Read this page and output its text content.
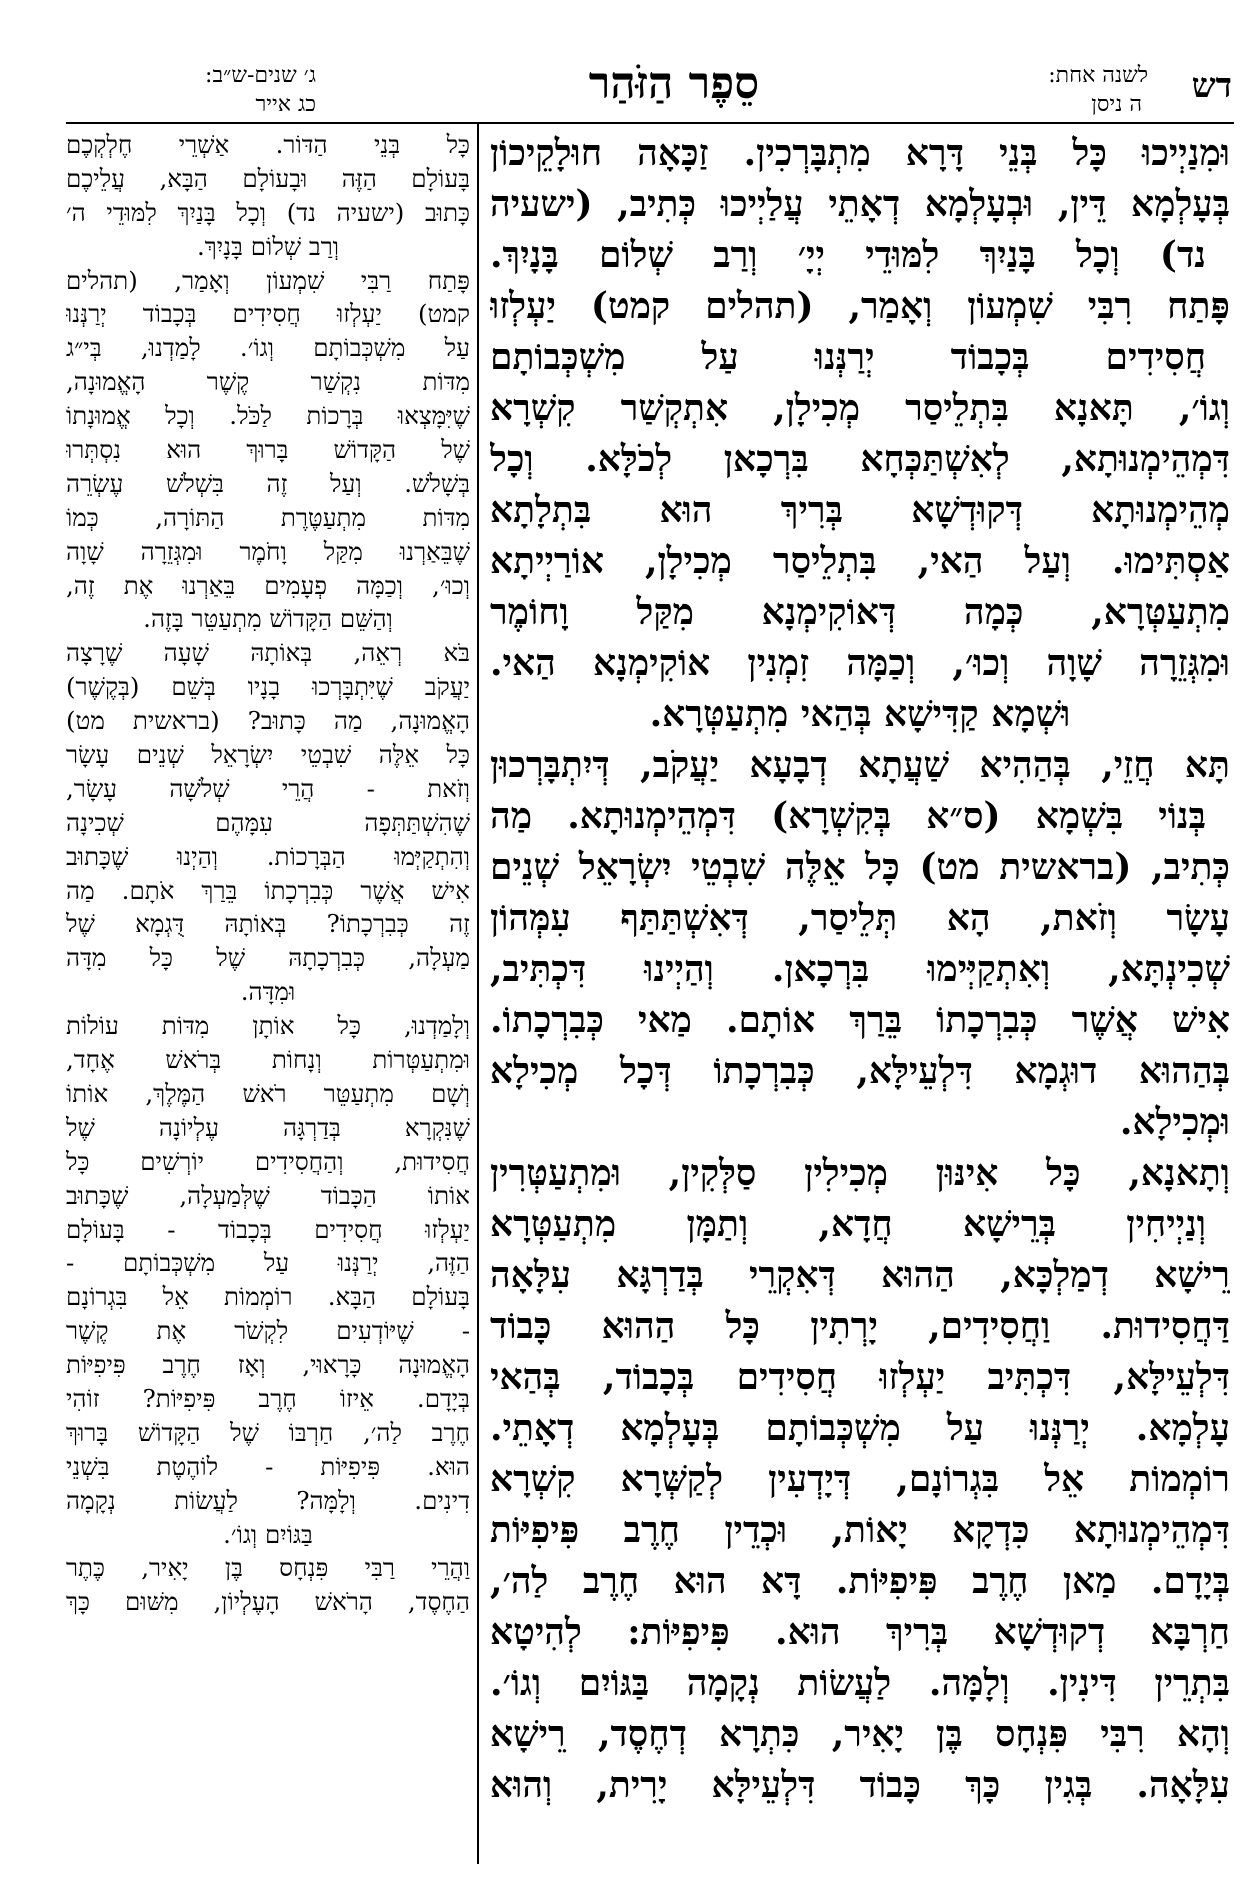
דש
לשנה אחת:
ה ניסן
סֵפֶר הַזֹּהַר
ג׳ שנים-ש״ב:
כג אייר
וּמִנַיְיכוּ כָּל בְּנֵי דָּרָא מִתְבָּרְכִין. זַכָּאָה חוּלָקֵיכוֹן
בְּעָלְמָא דֵּין, וּבְעָלְמָא דְאָתֵי עֲלַיְיכוּ כְּתִיב, (ישעיה
נד) וְכָל בָּנַיִךְ לִמּוּדֵי יְיָ׳ וְרַב שְׁלוֹם בָּנָיִךְ.
פָּתַח רִבִּי שִׁמְעוֹן וְאָמַר, (תהלים קמט) יַעְלְזוּ
חֲסִידִים בְּכָבוֹד יְרַנְּנוּ עַל מִשְׁכְּבוֹתָם
וְגוֹ׳, תָּאנָא בִּתְלֵיסַר מְכִילָן, אִתְקְשַׁר קִשְׁרָא
דִּמְהֵימְנוּתָא, לְאִשְׁתַּכְּחָא בִּרְכָאן לְכֹלָּא. וְכָל
מְהֵימְנוּתָא דְּקוּדְשָׁא בְּרִיךְ הוּא בִּתְלָתָא
אַסְתִּימוּ. וְעַל הַאי, בִּתְלֵיסַר מְכִילָן, אוֹרַיְיתָא
מִתְעַטְּרָא, כְּמָה דְּאוֹקִימְנָא מִקַּל וָחוֹמֶר
וּמִגְּזֵרָה שָׁוָה וְכוּ׳, וְכַמָּה זִמְנִין אוֹקִימְנָא הַאי.
וּשְׁמָא קַדִּישָׁא בְּהַאי מִתְעַטְּרָא.
תָּא חֲזֵי, בְּהַהִיא שַׁעֲתָא דְבָעָא יַעֲקֹב, דְּיִתְבָּרְכוּן
בְּנוֹי בִּשְׁמָא (ס״א בְּקִשְׁרָא) דִּמְהֵימְנוּתָא. מַה
כְּתִיב, (בראשית מט) כָּל אֵלֶּה שִׁבְטֵי יִשְׂרָאֵל שְׁנֵים
עָשָׂר וְזֹאת, הָא תְּלֵיסַר, דְּאִשְׁתַּתַּף עִמְּהוֹן
שְׁכִינְתָּא, וְאִתְקַיְּימוּ בִּרְכָאן. וְהַיְינוּ דִּכְתִּיב,
אִישׁ אֲשֶׁר כְּבִרְכָתוֹ בֵּרַךְ אוֹתָם. מַאי כְּבִרְכָתוֹ.
בְּהַהוּא דוּגְמָא דִּלְעֵילָּא, כְּבִרְכָתוֹ דְּכָל מְכִילָא
וּמְכִילָא.
וְתָאנָא, כָּל אִינּוּן מְכִילִין סַלְּקִין, וּמִתְעַטְּרִין
וְנַיְיחִין בְּרֵישָׁא חֲדָא, וְתַמָּן מִתְעַטְּרָא
רֵישָׁא דְמַלְכָּא, הַהוּא דְּאִקְרֵי בְּדַרְגָּא עִלָּאָה
דַּחֲסִידוּת. וַחֲסִידִים, יָרְתִין כָּל הַהוּא כָּבוֹד
דִּלְעֵילָּא, דִּכְתִּיב יַעְלְזוּ חֲסִידִים בְּכָבוֹד, בְּהַאי
עָלְמָא. יְרַנְּנוּ עַל מִשְׁכְּבוֹתָם בְּעָלְמָא דְאָתֵי.
רוֹמְמוֹת אֵל בִּגְרוֹנָם, דְּיָדְעִין לְקַשְּׁרָא קִשְׁרָא
דִּמְהֵימְנוּתָא כִּדְקָא יָאוֹת, וּכְדֵין חֶרֶב פִּיפִיּוֹת
בְּיָדָם. מַאן חֶרֶב פִּיפִיּוֹת. דָּא הוּא חֶרֶב לַה׳,
חַרְבָּא דְקוּדְשָׁא בְּרִיךְ הוּא. פִּיפִיּוֹת: לְהִיטָא
בִּתְרֵין דִּינִין. וְלָמָּה. לַעֲשׂוֹת נְקָמָה בַּגּוֹיִם וְגוֹ׳.
וְהָא רִבִּי פִּנְחָס בֶּן יָאִיר, כִּתְרָא דְחֶסֶד, רֵישָׁא
עִלָּאָה. בְּגִין כָּךְ כָּבוֹד דִּלְעֵילָּא יָרִית, וְהוּא
כָּל בְּנֵי הַדּוֹר. אַשְׁרֵי חֶלְקְכֶם
בָּעוֹלָם הַזֶּה וּבָעוֹלָם הַבָּא, עֲלֵיכֶם
כָּתוּב (ישעיה נד) וְכָל בָּנַיִךְ לִמּוּדֵי ה׳
וְרַב שְׁלוֹם בָּנָיִךְ.
פָּתַח רַבִּי שִׁמְעוֹן וְאָמַר, (תהלים
קמט) יַעְלְזוּ חֲסִידִים בְּכָבוֹד יְרַנְּנוּ
עַל מִשְׁכְּבוֹתָם וְגוֹ׳. לָמַדְנוּ, בְּי״ג
מִדּוֹת נִקְשַׁר קֶשֶׁר הָאֱמוּנָה,
שֶׁיִּמָּצְאוּ בְּרָכוֹת לַכֹּל. וְכָל אֱמוּנָתוֹ
שֶׁל הַקָּדוֹשׁ בָּרוּךְ הוּא נִסְתְּרוּ
בְּשָׁלֹשׁ. וְעַל זֶה בִּשְׁלֹשׁ עֶשְׂרֵה
מִדּוֹת מִתְעַטֶּרֶת הַתּוֹרָה, כְּמוֹ
שֶׁבֵּאַרְנוּ מִקַּל וָחֹמֶר וּמִגְּזֵרָה שָׁוָה
וְכוּ׳, וְכַמָּה פְעָמִים בֵּאַרְנוּ אֶת זֶה,
וְהַשֵּׁם הַקָּדוֹשׁ מִתְעַטֵּר בָּזֶה.
בֹּא רְאֵה, בְּאוֹתָהּ שָׁעָה שֶׁרָצָה
יַעֲקֹב שֶׁיִּתְבָּרְכוּ בָנָיו בְּשֵׁם (בְּקֶשֶׁר)
הָאֱמוּנָה, מַה כָּתוּב? (בראשית מט)
כָּל אֵלֶּה שִׁבְטֵי יִשְׂרָאֵל שְׁנֵים עָשָׂר
וְזֹאת - הֲרֵי שְׁלֹשָׁה עָשָׂר,
שֶׁהִשְׁתַּתְּפָה עִמָּהֶם שְׁכִינָה
וְהִתְקַיְּמוּ הַבְּרָכוֹת. וְהַיְנוּ שֶׁכָּתוּב
אִישׁ אֲשֶׁר כְּבִרְכָתוֹ בֵּרַךְ אֹתָם. מַה
זֶה כְּבִרְכָתוֹ? בְּאוֹתָהּ דֻּגְמָא שֶׁל
מַעְלָה, כְּבִרְכָתָהּ שֶׁל כָּל מִדָּה
וּמִדָּה.
וְלָמַדְנוּ, כָּל אוֹתָן מִדּוֹת עוֹלוֹת
וּמִתְעַטְּרוֹת וְנָחוֹת בְּרֹאשׁ אֶחָד,
וְשָׁם מִתְעַטֵּר רֹאשׁ הַמֶּלֶךְ, אוֹתוֹ
שֶׁנִּקְרָא בְּדַרְגָּה עֶלְיוֹנָה שֶׁל
חֲסִידוּת, וְהַחֲסִידִים יוֹרְשִׁים כָּל
אוֹתוֹ הַכָּבוֹד שֶׁלְּמַעְלָה, שֶׁכָּתוּב
יַעְלְזוּ חֲסִידִים בְּכָבוֹד - בָּעוֹלָם
הַזֶּה, יְרַנְּנוּ עַל מִשְׁכְּבוֹתָם -
בָּעוֹלָם הַבָּא. רוֹמְמוֹת אֵל בִּגְרוֹנָם
- שֶׁיּוֹדְעִים לִקְשֹׁר אֶת קֶשֶׁר
הָאֱמוּנָה כָּרָאוּי, וְאָז חֶרֶב פִּיפִיּוֹת
בְּיָדָם. אֵיזוֹ חֶרֶב פִּיפִיּוֹת? זוֹהִי
חֶרֶב לַה׳, חַרְבּוֹ שֶׁל הַקָּדוֹשׁ בָּרוּךְ
הוּא. פִּיפִיּוֹת - לוֹהֶטֶת בִּשְׁנֵי
דִינִים. וְלָמָּה? לַעֲשׂוֹת נְקָמָה
בַּגּוֹיִם וְגוֹ׳.
וַהֲרֵי רַבִּי פִּנְחָס בֶּן יָאִיר, כֶּתֶר
הַחֶסֶד, הָרֹאשׁ הָעֶלְיוֹן, מִשּׁוּם כָּךְ
